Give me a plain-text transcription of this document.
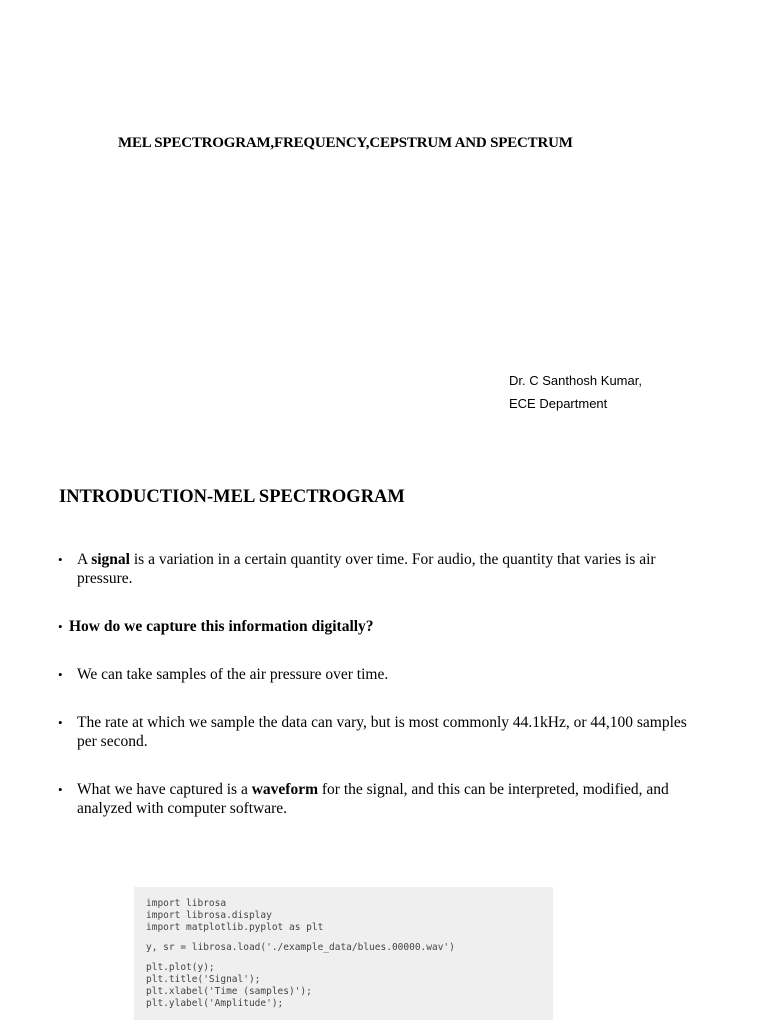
MEL SPECTROGRAM,FREQUENCY,CEPSTRUM AND SPECTRUM
Dr. C Santhosh Kumar,
ECE Department
INTRODUCTION-MEL SPECTROGRAM
• A signal is a variation in a certain quantity over time. For audio, the quantity that varies is air pressure.
• How do we capture this information digitally?
• We can take samples of the air pressure over time.
• The rate at which we sample the data can vary, but is most commonly 44.1kHz, or 44,100 samples per second.
• What we have captured is a waveform for the signal, and this can be interpreted, modified, and analyzed with computer software.
import librosa
import librosa.display
import matplotlib.pyplot as plt
y, sr = librosa.load('./example_data/blues.00000.wav')
plt.plot(y);
plt.title('Signal');
plt.xlabel('Time (samples)');
plt.ylabel('Amplitude');
